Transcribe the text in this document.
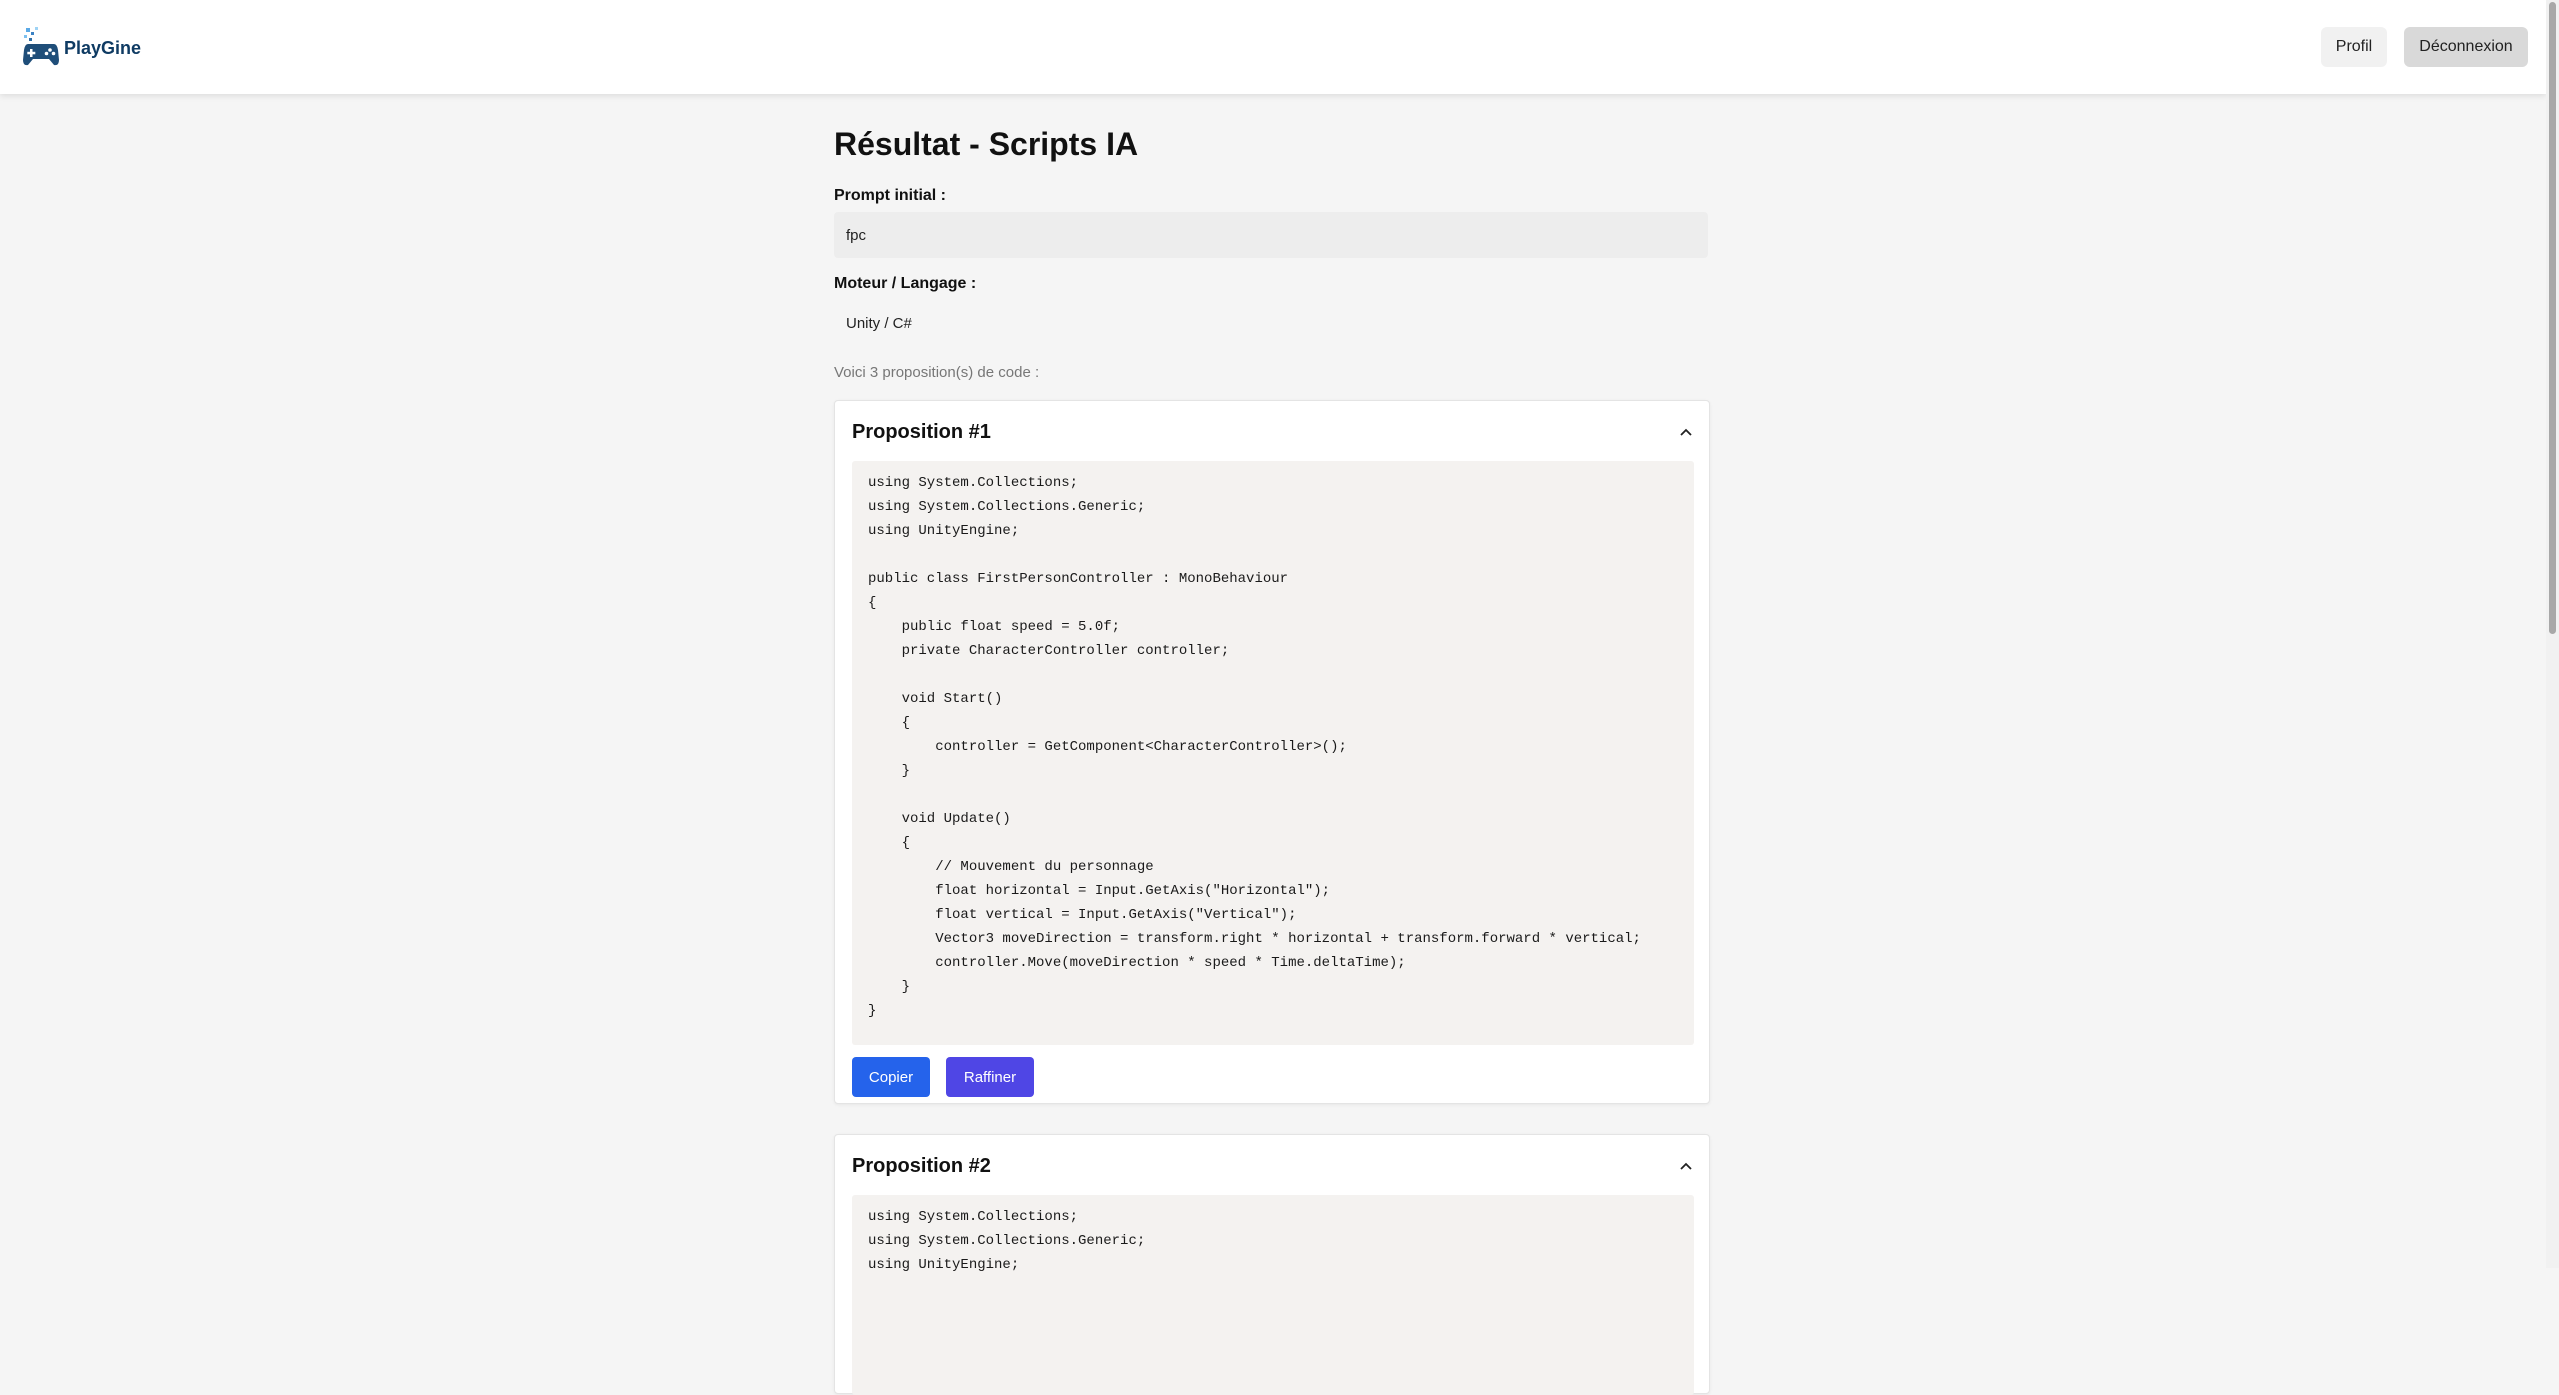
PlayGine	Profil	Déconnexion
Résultat - Scripts IA
Prompt initial :
fpc
Moteur / Langage :
Unity / C#
Voici 3 proposition(s) de code :
Proposition #1
using System.Collections;
using System.Collections.Generic;
using UnityEngine;

public class FirstPersonController : MonoBehaviour
{
public float speed = 5.0f;
private CharacterController controller;

void Start()
{
controller = GetComponent<CharacterController>();
}

void Update()
{
// Mouvement du personnage
float horizontal = Input.GetAxis("Horizontal");
float vertical = Input.GetAxis("Vertical");
Vector3 moveDirection = transform.right * horizontal + transform.forward * vertical;
controller.Move(moveDirection * speed * Time.deltaTime);
}
}
Copier	Raffiner
Proposition #2
using System.Collections;
using System.Collections.Generic;
using UnityEngine;
